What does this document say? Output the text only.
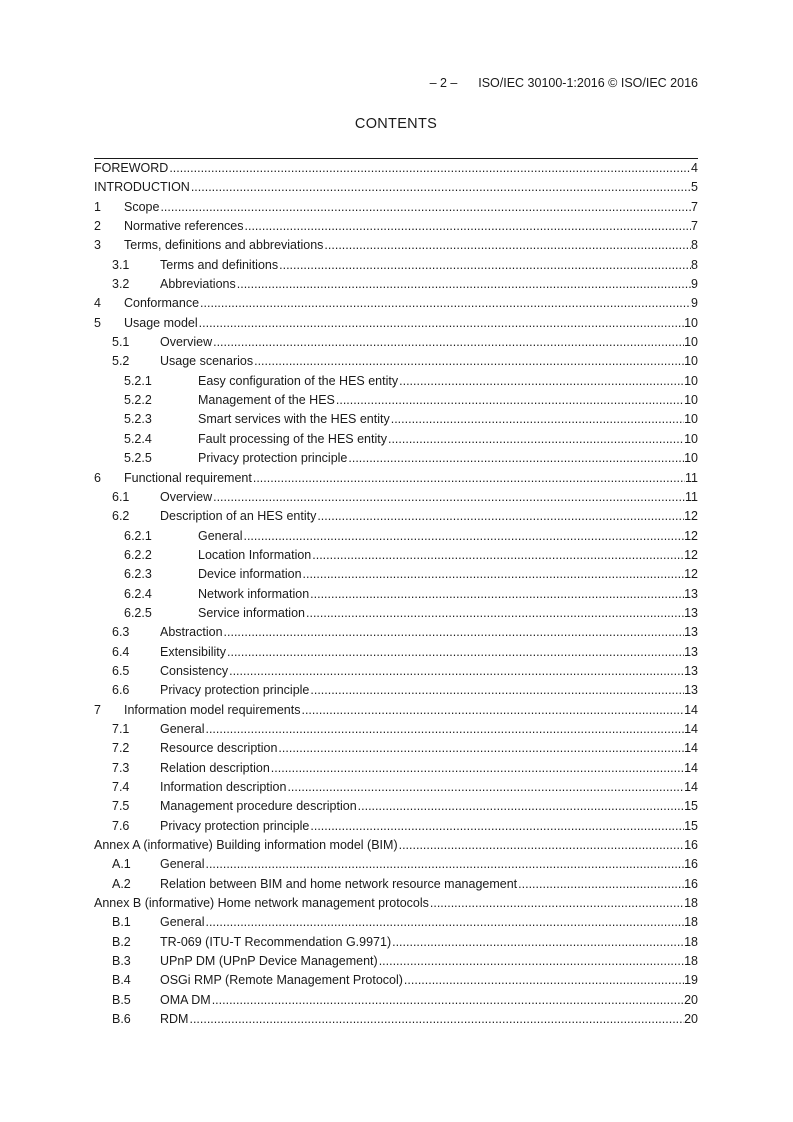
– 2 – ISO/IEC 30100-1:2016 © ISO/IEC 2016
CONTENTS
FOREWORD .....	4
INTRODUCTION .....	5
1	Scope .....	7
2	Normative references .....	7
3	Terms, definitions and abbreviations .....	8
3.1	Terms and definitions .....	8
3.2	Abbreviations .....	9
4	Conformance .....	9
5	Usage model .....	10
5.1	Overview .....	10
5.2	Usage scenarios .....	10
5.2.1	Easy configuration of the HES entity .....	10
5.2.2	Management of the HES .....	10
5.2.3	Smart services with the HES entity .....	10
5.2.4	Fault processing of the HES entity .....	10
5.2.5	Privacy protection principle .....	10
6	Functional requirement .....	11
6.1	Overview .....	11
6.2	Description of an HES entity .....	12
6.2.1	General .....	12
6.2.2	Location Information .....	12
6.2.3	Device information .....	12
6.2.4	Network information .....	13
6.2.5	Service information .....	13
6.3	Abstraction .....	13
6.4	Extensibility .....	13
6.5	Consistency .....	13
6.6	Privacy protection principle .....	13
7	Information model requirements .....	14
7.1	General .....	14
7.2	Resource description .....	14
7.3	Relation description .....	14
7.4	Information description .....	14
7.5	Management procedure description .....	15
7.6	Privacy protection principle .....	15
Annex A (informative) Building information model (BIM) .....	16
A.1	General .....	16
A.2	Relation between BIM and home network resource management .....	16
Annex B (informative) Home network management protocols .....	18
B.1	General .....	18
B.2	TR-069 (ITU-T Recommendation G.9971) .....	18
B.3	UPnP DM (UPnP Device Management) .....	18
B.4	OSGi RMP (Remote Management Protocol) .....	19
B.5	OMA DM .....	20
B.6	RDM .....	20
